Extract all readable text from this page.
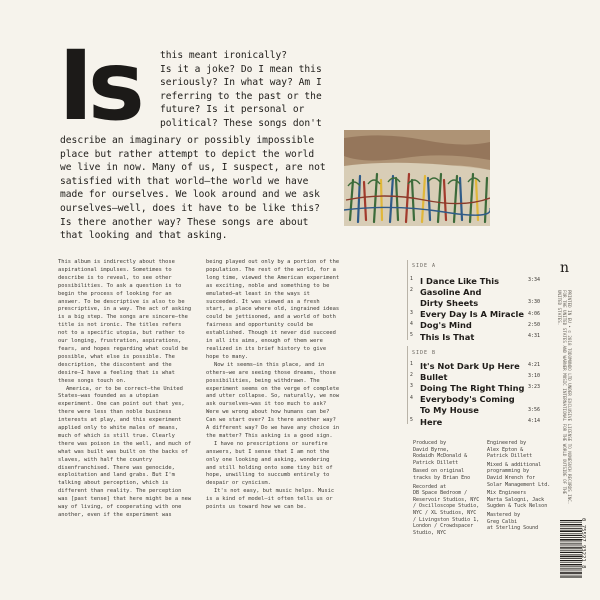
Is this meant ironically?
Is it a joke? Do I mean this
seriously? In what way? Am I
referring to the past or the
future? Is it personal or
political? These songs don't
describe an imaginary or possibly impossible place but rather attempt to depict the world we live in now. Many of us, I suspect, are not satisfied with that world—the world we have made for ourselves. We look around and we ask ourselves—well, does it have to be like this? Is there another way? These songs are about that looking and that asking.

This album is indirectly about those aspirational impulses. Sometimes to describe is to reveal, to see other possibilities. To ask a question is to begin the process of looking for an answer. To be descriptive is also to be prescriptive, in a way. The act of asking is a big step. The songs are sincere—the title is not ironic. The titles refers not to a specific utopia, but rather to our longing, frustration, aspirations, fears, and hopes regarding what could be possible, what else is possible. The description, the discontent and the desire—I have a feeling that is what these songs touch on.

America, or to be correct—the United States—was founded as a utopian experiment. One can point out that yes, there were less than noble business interests at play, and this experiment applied only to white males of means, much of which is still true. Clearly there was poison in the well, and much of what was built was built on the backs of slaves, with half the country disenfranchised. There was genocide, exploitation and land grabs. But I'm talking about perception, which is different than reality. The perception was [past tense] that here might be a new way of living, of cooperating with one another, even if the experiment was

being played out only by a portion of the population. The rest of the world, for a long time, viewed the American experiment as exciting, noble and something to be emulated—at least in the ways it succeeded. It was viewed as a fresh start, a place where old, ingrained ideas could be jettisoned, and a world of both fairness and opportunity could be established. Though it never did succeed in all its aims, enough of them were realized in its brief history to give hope to many.

Now it seems—in this place, and in others—we are seeing those dreams, those possibilities, being withdrawn. The experiment seems on the verge of complete and utter collapse. So, naturally, we now ask ourselves—was it too much to ask? Were we wrong about how humans can be? Can we start over? Is there another way? A different way? Do we have any choice in the matter? This asking is a good sign.

I have no prescriptions or surefire answers, but I sense that I am not the only one looking and asking, wondering and still holding onto some tiny bit of hope, unwilling to succumb entirely to despair or cynicism.

It's not easy, but music helps. Music is a kind of model—it often tells us or points us toward how we can be.

SIDE A
1 I Dance Like This	3:34
2 Gasoline And
Dirty Sheets	3:30
3 Every Day Is A Miracle 4:06
4 Dog's Mind	2:50
5 This Is That	4:31
SIDE B
1 It's Not Dark Up Here 4:21
2 Bullet	3:10
3 Doing The Right Thing 3:23
4 Everybody's Coming
To My House	3:56
5 Here	4:14
Produced by
David Byrne,
Rodaidh McDonald &
Patrick Dillett
Based on original
tracks by Brian Eno
Recorded at
DB Space Bedroom /
Reservoir Studios, NYC
/ Oscilloscope Studio,
NYC / XL Studios, NYC
/ Livingston Studio 1,
London / Crowdspacer
Studio, NYC
Engineered by
Alex Epton &
Patrick Dillett
Mixed & additional
programming by
David Wrench for
Solar Management Ltd.
Mix Engineers
Marta Salogni, Jack
Sugden & Tuck Nelson
Mastered by
Greg Calbi
at Sterling Sound
n
PRINTED IN EU • © 2018 TODOMUNDO LTD UNDER EXCLUSIVE LICENSE TO NONESUCH RECORDS INC. FOR THE UNITED STATES AND WARNER MUSIC INTERNATIONAL FOR THE WORLD OUTSIDE OF THE UNITED STATES.
0 75597 93221 8
